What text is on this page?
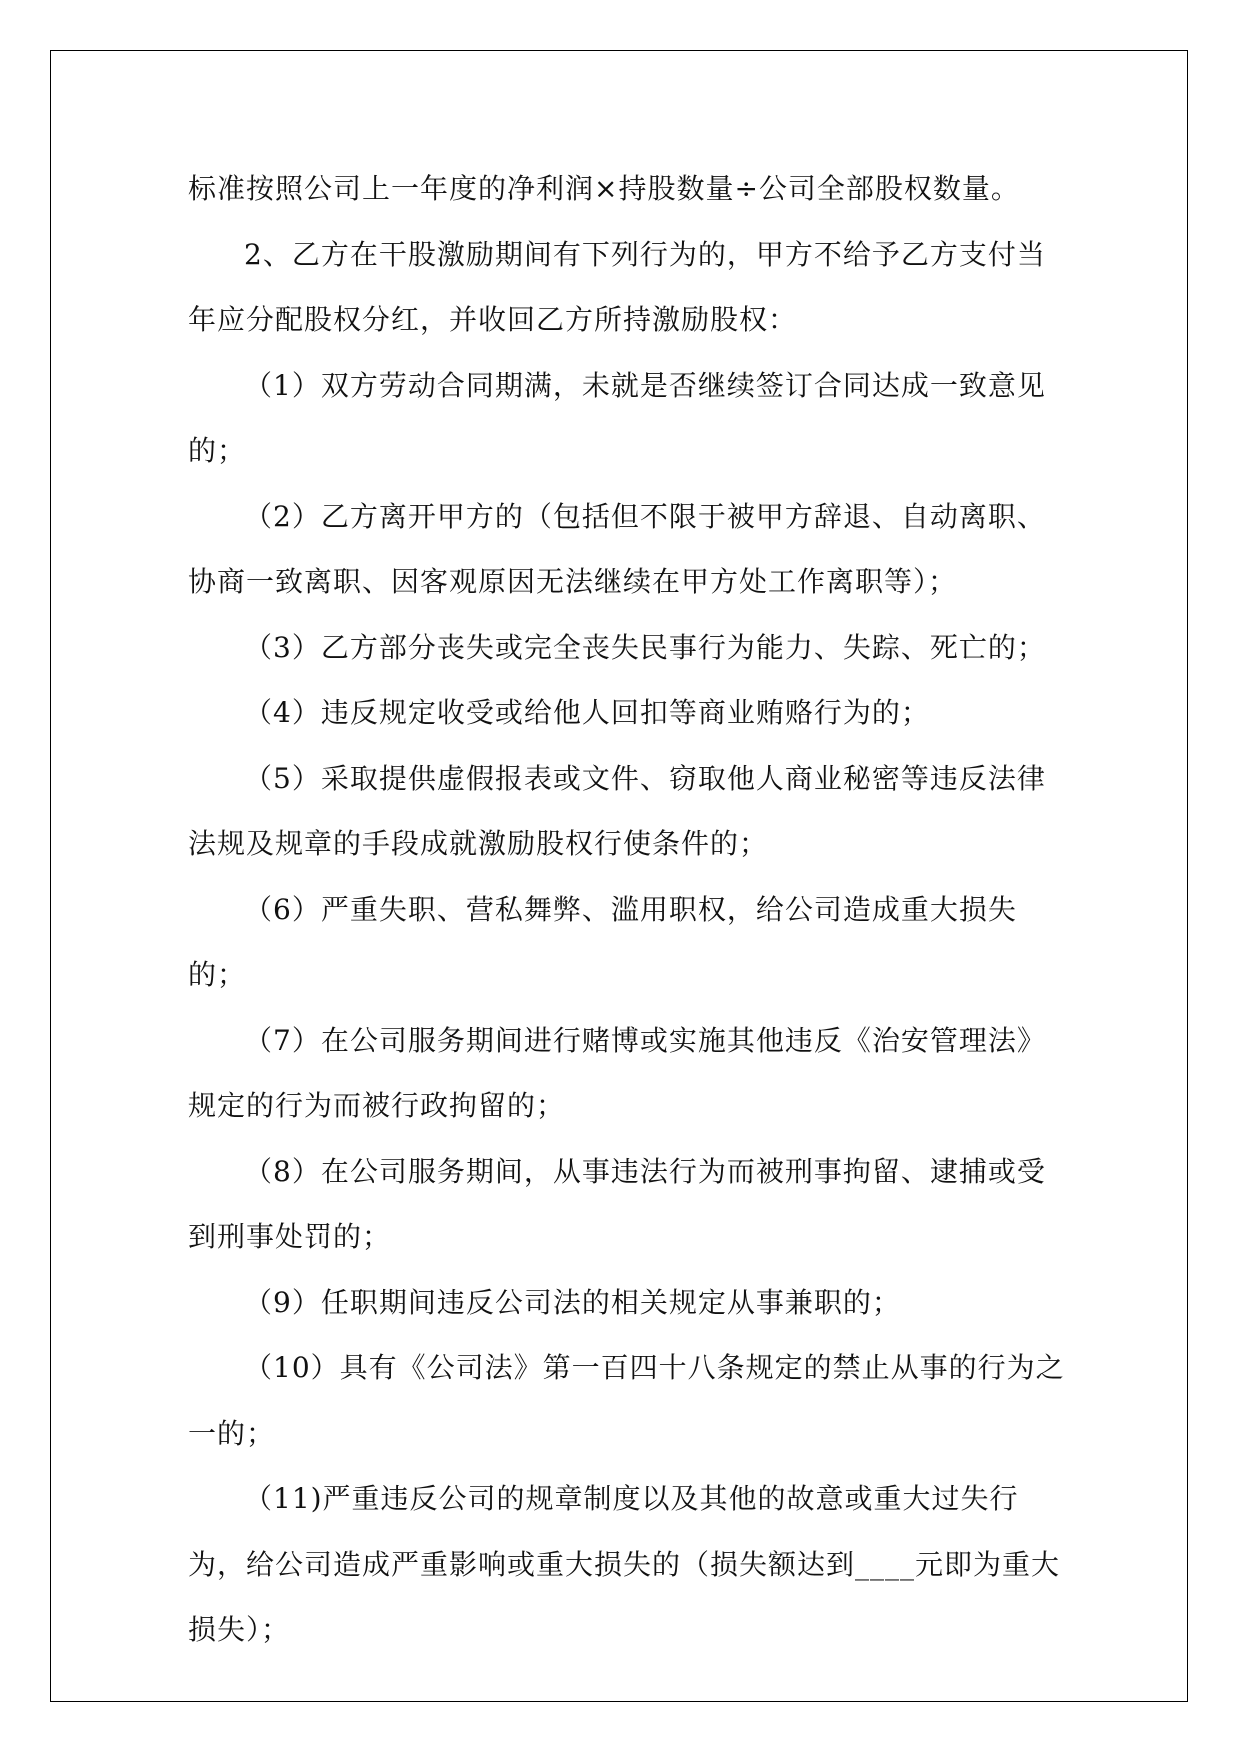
标准按照公司上一年度的净利润×持股数量÷公司全部股权数量。

2、乙方在干股激励期间有下列行为的，甲方不给予乙方支付当年应分配股权分红，并收回乙方所持激励股权：

（1）双方劳动合同期满，未就是否继续签订合同达成一致意见的；

（2）乙方离开甲方的（包括但不限于被甲方辞退、自动离职、协商一致离职、因客观原因无法继续在甲方处工作离职等）；

（3）乙方部分丧失或完全丧失民事行为能力、失踪、死亡的；

（4）违反规定收受或给他人回扣等商业贿赂行为的；

（5）采取提供虚假报表或文件、窃取他人商业秘密等违反法律法规及规章的手段成就激励股权行使条件的；

（6）严重失职、营私舞弊、滥用职权，给公司造成重大损失的；

（7）在公司服务期间进行赌博或实施其他违反《治安管理法》规定的行为而被行政拘留的；

（8）在公司服务期间，从事违法行为而被刑事拘留、逮捕或受到刑事处罚的；

（9）任职期间违反公司法的相关规定从事兼职的；

（10）具有《公司法》第一百四十八条规定的禁止从事的行为之一的；

（11)严重违反公司的规章制度以及其他的故意或重大过失行为，给公司造成严重影响或重大损失的（损失额达到____元即为重大损失）；
